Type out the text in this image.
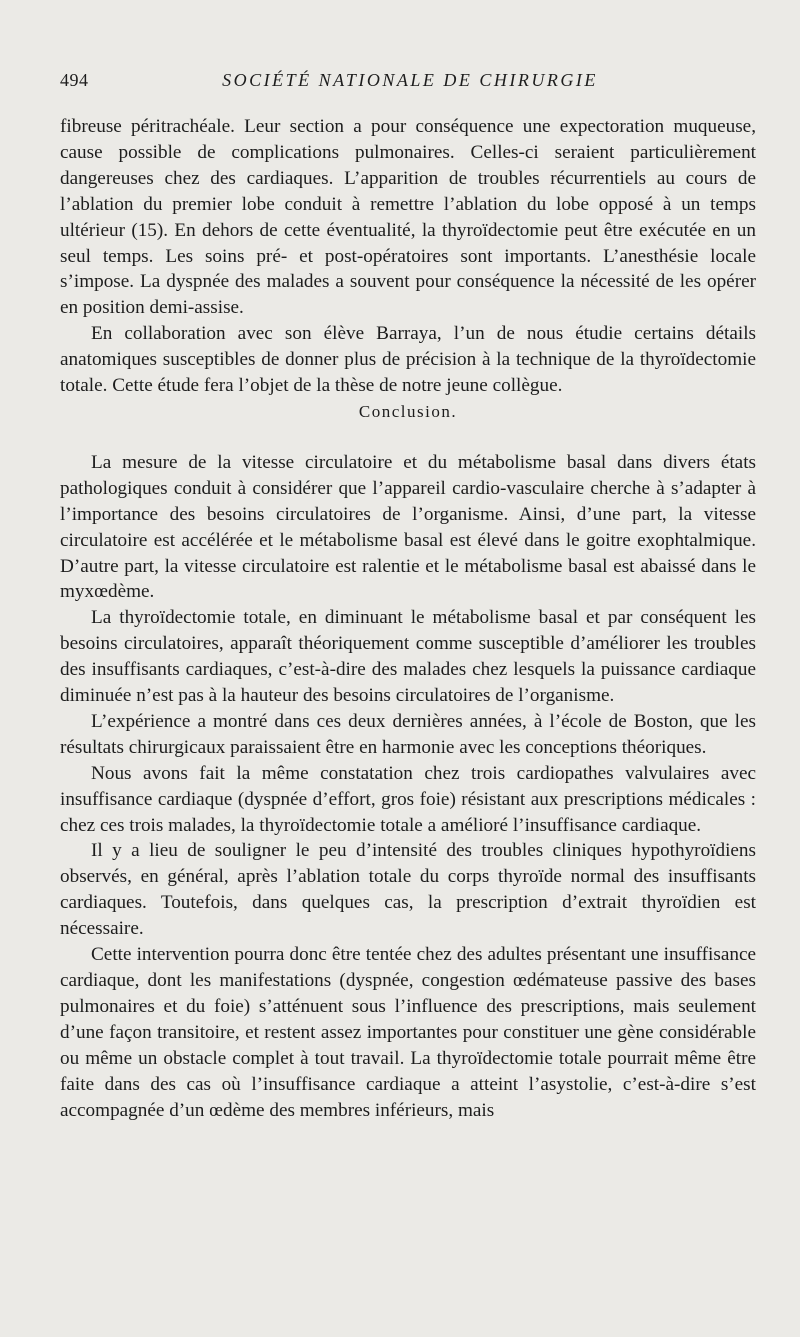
494	SOCIÉTÉ NATIONALE DE CHIRURGIE

fibreuse péritrachéale. Leur section a pour conséquence une expectoration muqueuse, cause possible de complications pulmonaires. Celles-ci seraient particulièrement dangereuses chez des cardiaques. L’apparition de troubles récurrentiels au cours de l’ablation du premier lobe conduit à remettre l’ablation du lobe opposé à un temps ultérieur (15). En dehors de cette éventualité, la thyroïdectomie peut être exécutée en un seul temps. Les soins pré- et post-opératoires sont importants. L’anesthésie locale s’impose. La dyspnée des malades a souvent pour conséquence la nécessité de les opérer en position demi-assise.

En collaboration avec son élève Barraya, l’un de nous étudie certains détails anatomiques susceptibles de donner plus de précision à la technique de la thyroïdectomie totale. Cette étude fera l’objet de la thèse de notre jeune collègue.

Conclusion.

La mesure de la vitesse circulatoire et du métabolisme basal dans divers états pathologiques conduit à considérer que l’appareil cardio-vasculaire cherche à s’adapter à l’importance des besoins circulatoires de l’organisme. Ainsi, d’une part, la vitesse circulatoire est accélérée et le métabolisme basal est élevé dans le goitre exophtalmique. D’autre part, la vitesse circulatoire est ralentie et le métabolisme basal est abaissé dans le myxœdème.

La thyroïdectomie totale, en diminuant le métabolisme basal et par conséquent les besoins circulatoires, apparaît théoriquement comme susceptible d’améliorer les troubles des insuffisants cardiaques, c’est-à-dire des malades chez lesquels la puissance cardiaque diminuée n’est pas à la hauteur des besoins circulatoires de l’organisme.

L’expérience a montré dans ces deux dernières années, à l’école de Boston, que les résultats chirurgicaux paraissaient être en harmonie avec les conceptions théoriques.

Nous avons fait la même constatation chez trois cardiopathes valvulaires avec insuffisance cardiaque (dyspnée d’effort, gros foie) résistant aux prescriptions médicales : chez ces trois malades, la thyroïdectomie totale a amélioré l’insuffisance cardiaque.

Il y a lieu de souligner le peu d’intensité des troubles cliniques hypothyroïdiens observés, en général, après l’ablation totale du corps thyroïde normal des insuffisants cardiaques. Toutefois, dans quelques cas, la prescription d’extrait thyroïdien est nécessaire.

Cette intervention pourra donc être tentée chez des adultes présentant une insuffisance cardiaque, dont les manifestations (dyspnée, congestion œdémateuse passive des bases pulmonaires et du foie) s’atténuent sous l’influence des prescriptions, mais seulement d’une façon transitoire, et restent assez importantes pour constituer une gène considérable ou même un obstacle complet à tout travail. La thyroïdectomie totale pourrait même être faite dans des cas où l’insuffisance cardiaque a atteint l’asystolie, c’est-à-dire s’est accompagnée d’un œdème des membres inférieurs, mais
